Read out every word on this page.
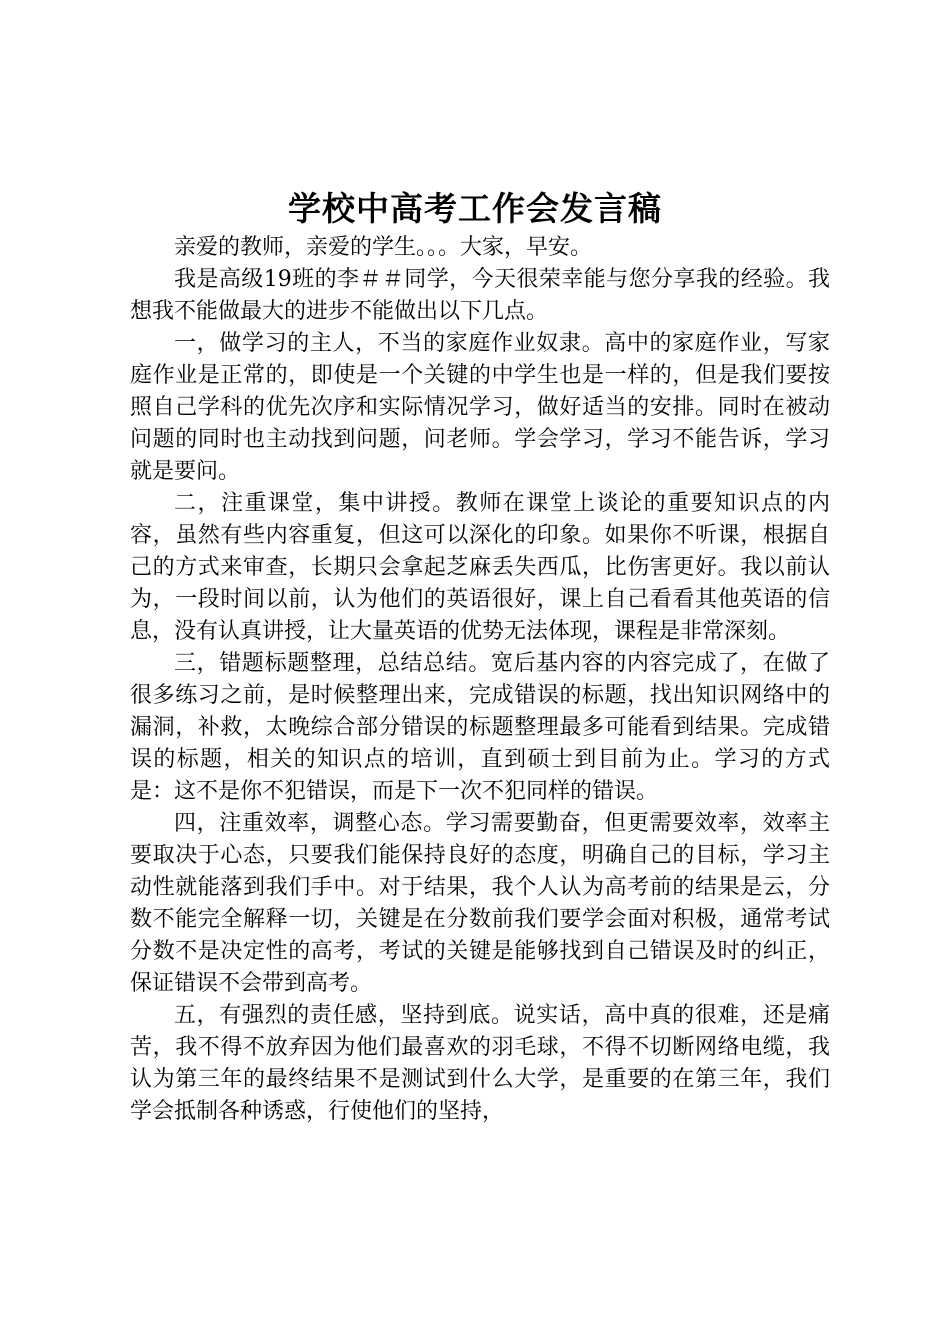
学校中高考工作会发言稿

亲爱的教师，亲爱的学生。。。大家，早安。

我是高级19班的李＃＃同学，今天很荣幸能与您分享我的经验。我想我不能做最大的进步不能做出以下几点。

一，做学习的主人，不当的家庭作业奴隶。高中的家庭作业，写家庭作业是正常的，即使是一个关键的中学生也是一样的，但是我们要按照自己学科的优先次序和实际情况学习，做好适当的安排。同时在被动问题的同时也主动找到问题，问老师。学会学习，学习不能告诉，学习就是要问。

二，注重课堂，集中讲授。教师在课堂上谈论的重要知识点的内容，虽然有些内容重复，但这可以深化的印象。如果你不听课，根据自己的方式来审查，长期只会拿起芝麻丢失西瓜，比伤害更好。我以前认为，一段时间以前，认为他们的英语很好，课上自己看看其他英语的信息，没有认真讲授，让大量英语的优势无法体现，课程是非常深刻。

三，错题标题整理，总结总结。宽后基内容的内容完成了，在做了很多练习之前，是时候整理出来，完成错误的标题，找出知识网络中的漏洞，补救，太晚综合部分错误的标题整理最多可能看到结果。完成错误的标题，相关的知识点的培训，直到硕士到目前为止。学习的方式是：这不是你不犯错误，而是下一次不犯同样的错误。

四，注重效率，调整心态。学习需要勤奋，但更需要效率，效率主要取决于心态，只要我们能保持良好的态度，明确自己的目标，学习主动性就能落到我们手中。对于结果，我个人认为高考前的结果是云，分数不能完全解释一切，关键是在分数前我们要学会面对积极，通常考试分数不是决定性的高考，考试的关键是能够找到自己错误及时的纠正，保证错误不会带到高考。

五，有强烈的责任感，坚持到底。说实话，高中真的很难，还是痛苦，我不得不放弃因为他们最喜欢的羽毛球，不得不切断网络电缆，我认为第三年的最终结果不是测试到什么大学，是重要的在第三年，我们学会抵制各种诱惑，行使他们的坚持，
